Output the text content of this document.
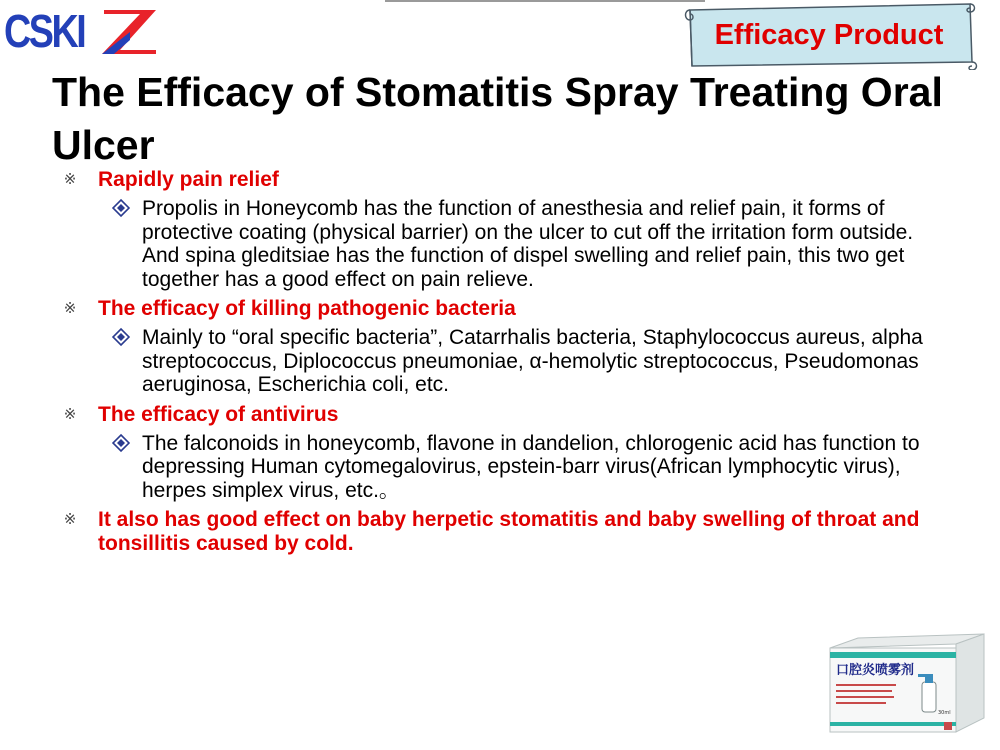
CSKI	Efficacy Product
The Efficacy of Stomatitis Spray Treating Oral Ulcer
※ Rapidly pain relief
Propolis in Honeycomb has the function of anesthesia and relief pain, it forms of protective coating (physical barrier) on the ulcer to cut off the irritation form outside. And spina gleditsiae has the function of dispel swelling and relief pain, this two get together has a good effect on pain relieve.
※ The efficacy of killing pathogenic bacteria
Mainly to “oral specific bacteria”, Catarrhalis bacteria, Staphylococcus aureus, alpha streptococcus, Diplococcus pneumoniae, α-hemolytic streptococcus, Pseudomonas aeruginosa, Escherichia coli, etc.
※ The efficacy of antivirus
The falconoids in honeycomb, flavone in dandelion, chlorogenic acid has function to depressing Human cytomegalovirus, epstein-barr virus(African lymphocytic virus), herpes simplex virus, etc.。
※ It also has good effect on baby herpetic stomatitis and baby swelling of throat and tonsillitis caused by cold.
口腔炎喷雾剂
30ml
